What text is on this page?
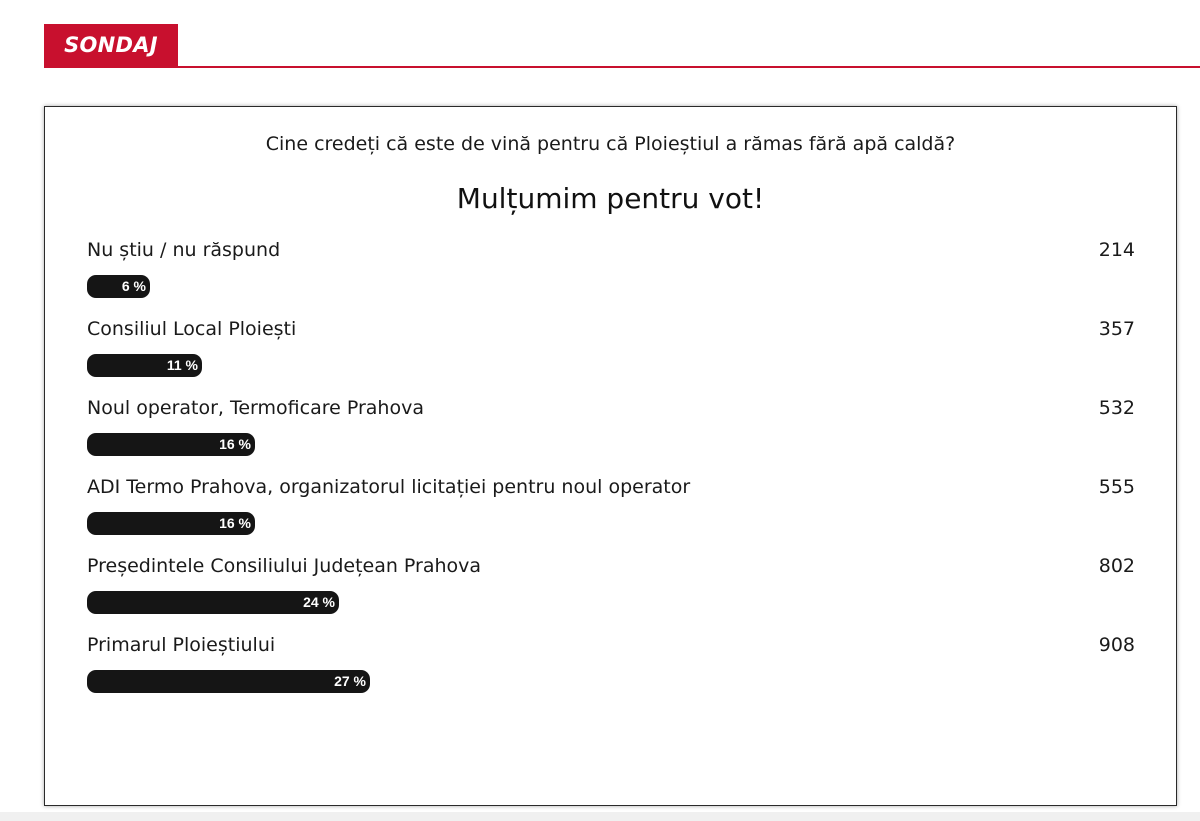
SONDAJ
Cine credeți că este de vină pentru că Ploieștiul a rămas fără apă caldă?
Mulțumim pentru vot!
Nu știu / nu răspund	214
6 %
Consiliul Local Ploiești	357
11 %
Noul operator, Termoficare Prahova	532
16 %
ADI Termo Prahova, organizatorul licitației pentru noul operator	555
16 %
Președintele Consiliului Județean Prahova	802
24 %
Primarul Ploieștiului	908
27 %
